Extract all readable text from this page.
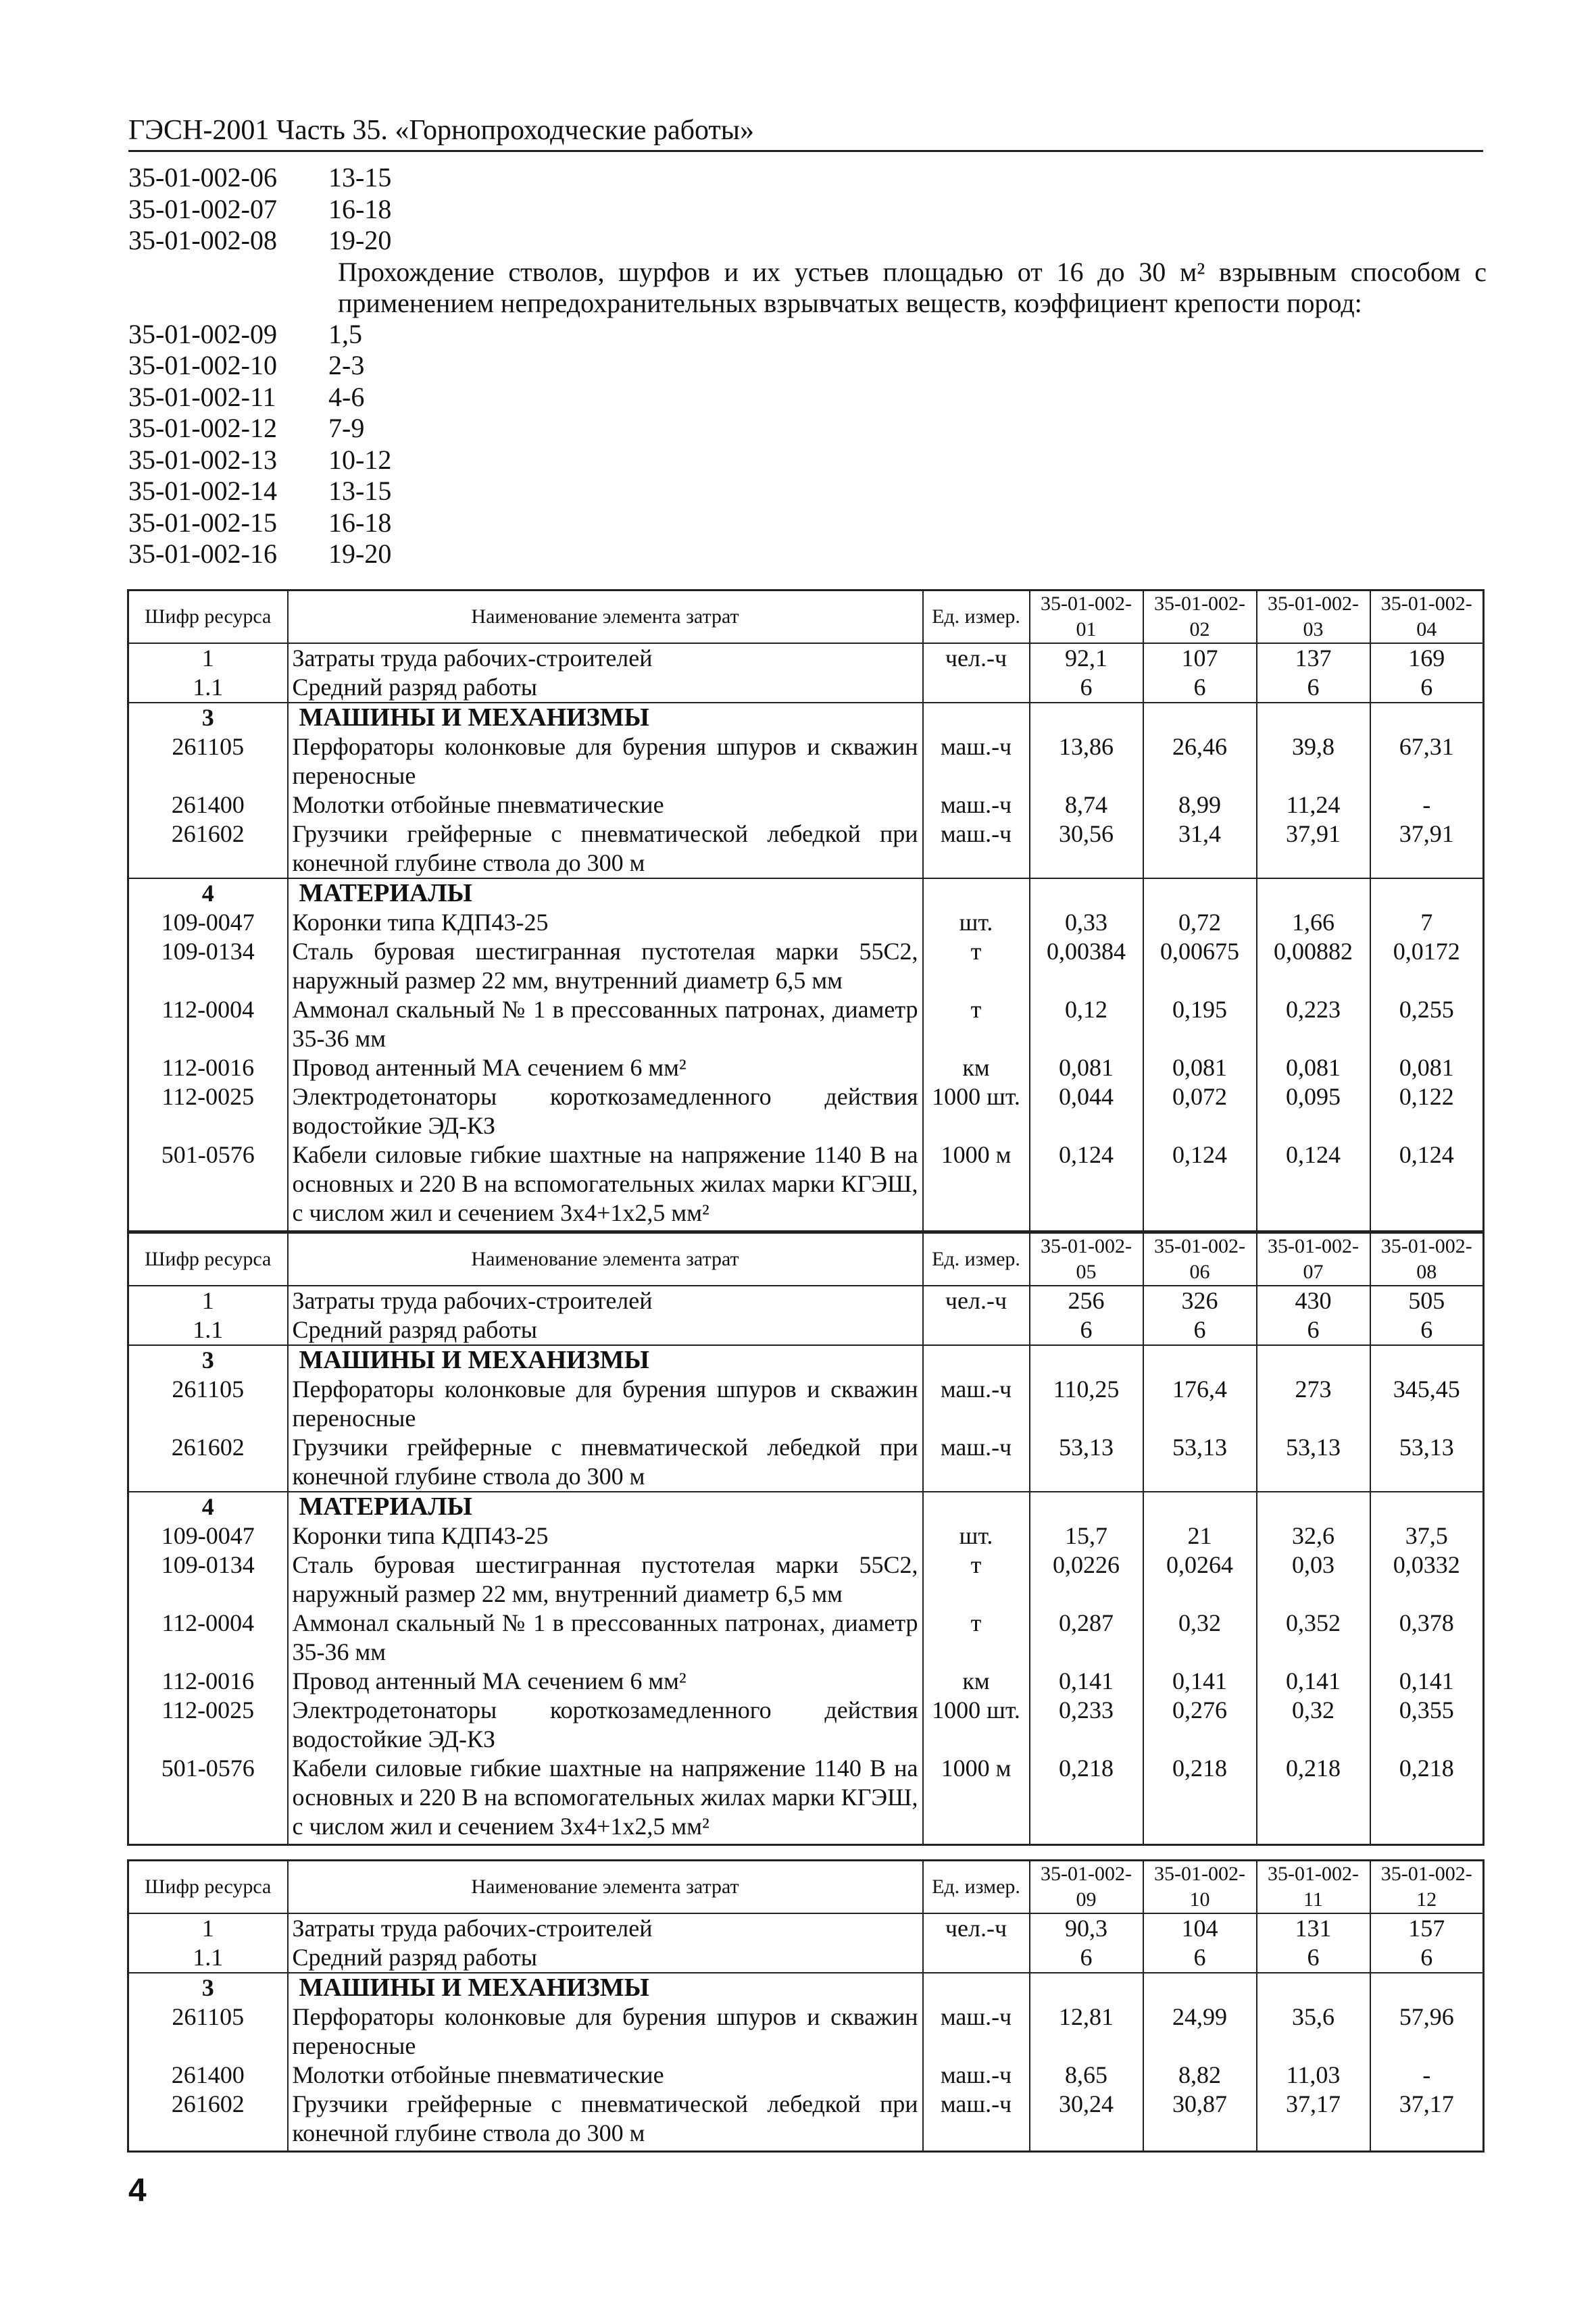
ГЭСН-2001 Часть 35. «Горнопроходческие работы»
35-01-002-06	13-15
35-01-002-07	16-18
35-01-002-08	19-20
Прохождение стволов, шурфов и их устьев площадью от 16 до 30 м² взрывным способом с применением непредохранительных взрывчатых веществ, коэффициент крепости пород:
35-01-002-09	1,5
35-01-002-10	2-3
35-01-002-11	4-6
35-01-002-12	7-9
35-01-002-13	10-12
35-01-002-14	13-15
35-01-002-15	16-18
35-01-002-16	19-20
Шифр ресурса	Наименование элемента затрат	Ед. измер.	35-01-002-01	35-01-002-02	35-01-002-03	35-01-002-04
1	Затраты труда рабочих-строителей	чел.-ч	92,1	107	137	169
1.1	Средний разряд работы		6	6	6	6
3	МАШИНЫ И МЕХАНИЗМЫ					
261105	Перфораторы колонковые для бурения шпуров и скважин переносные	маш.-ч	13,86	26,46	39,8	67,31
261400	Молотки отбойные пневматические	маш.-ч	8,74	8,99	11,24	-
261602	Грузчики грейферные с пневматической лебедкой при конечной глубине ствола до 300 м	маш.-ч	30,56	31,4	37,91	37,91
4	МАТЕРИАЛЫ					
109-0047	Коронки типа КДП43-25	шт.	0,33	0,72	1,66	7
109-0134	Сталь буровая шестигранная пустотелая марки 55С2, наружный размер 22 мм, внутренний диаметр 6,5 мм	т	0,00384	0,00675	0,00882	0,0172
112-0004	Аммонал скальный № 1 в прессованных патронах, диаметр 35-36 мм	т	0,12	0,195	0,223	0,255
112-0016	Провод антенный МА сечением 6 мм²	км	0,081	0,081	0,081	0,081
112-0025	Электродетонаторы короткозамедленного действия водостойкие ЭД-КЗ	1000 шт.	0,044	0,072	0,095	0,122
501-0576	Кабели силовые гибкие шахтные на напряжение 1140 В на основных и 220 В на вспомогательных жилах марки КГЭШ, с числом жил и сечением 3х4+1х2,5 мм²	1000 м	0,124	0,124	0,124	0,124
Шифр ресурса	Наименование элемента затрат	Ед. измер.	35-01-002-05	35-01-002-06	35-01-002-07	35-01-002-08
1	Затраты труда рабочих-строителей	чел.-ч	256	326	430	505
1.1	Средний разряд работы		6	6	6	6
3	МАШИНЫ И МЕХАНИЗМЫ					
261105	Перфораторы колонковые для бурения шпуров и скважин переносные	маш.-ч	110,25	176,4	273	345,45
261602	Грузчики грейферные с пневматической лебедкой при конечной глубине ствола до 300 м	маш.-ч	53,13	53,13	53,13	53,13
4	МАТЕРИАЛЫ					
109-0047	Коронки типа КДП43-25	шт.	15,7	21	32,6	37,5
109-0134	Сталь буровая шестигранная пустотелая марки 55С2, наружный размер 22 мм, внутренний диаметр 6,5 мм	т	0,0226	0,0264	0,03	0,0332
112-0004	Аммонал скальный № 1 в прессованных патронах, диаметр 35-36 мм	т	0,287	0,32	0,352	0,378
112-0016	Провод антенный МА сечением 6 мм²	км	0,141	0,141	0,141	0,141
112-0025	Электродетонаторы короткозамедленного действия водостойкие ЭД-КЗ	1000 шт.	0,233	0,276	0,32	0,355
501-0576	Кабели силовые гибкие шахтные на напряжение 1140 В на основных и 220 В на вспомогательных жилах марки КГЭШ, с числом жил и сечением 3х4+1х2,5 мм²	1000 м	0,218	0,218	0,218	0,218
Шифр ресурса	Наименование элемента затрат	Ед. измер.	35-01-002-09	35-01-002-10	35-01-002-11	35-01-002-12
1	Затраты труда рабочих-строителей	чел.-ч	90,3	104	131	157
1.1	Средний разряд работы		6	6	6	6
3	МАШИНЫ И МЕХАНИЗМЫ					
261105	Перфораторы колонковые для бурения шпуров и скважин переносные	маш.-ч	12,81	24,99	35,6	57,96
261400	Молотки отбойные пневматические	маш.-ч	8,65	8,82	11,03	-
261602	Грузчики грейферные с пневматической лебедкой при конечной глубине ствола до 300 м	маш.-ч	30,24	30,87	37,17	37,17
4
